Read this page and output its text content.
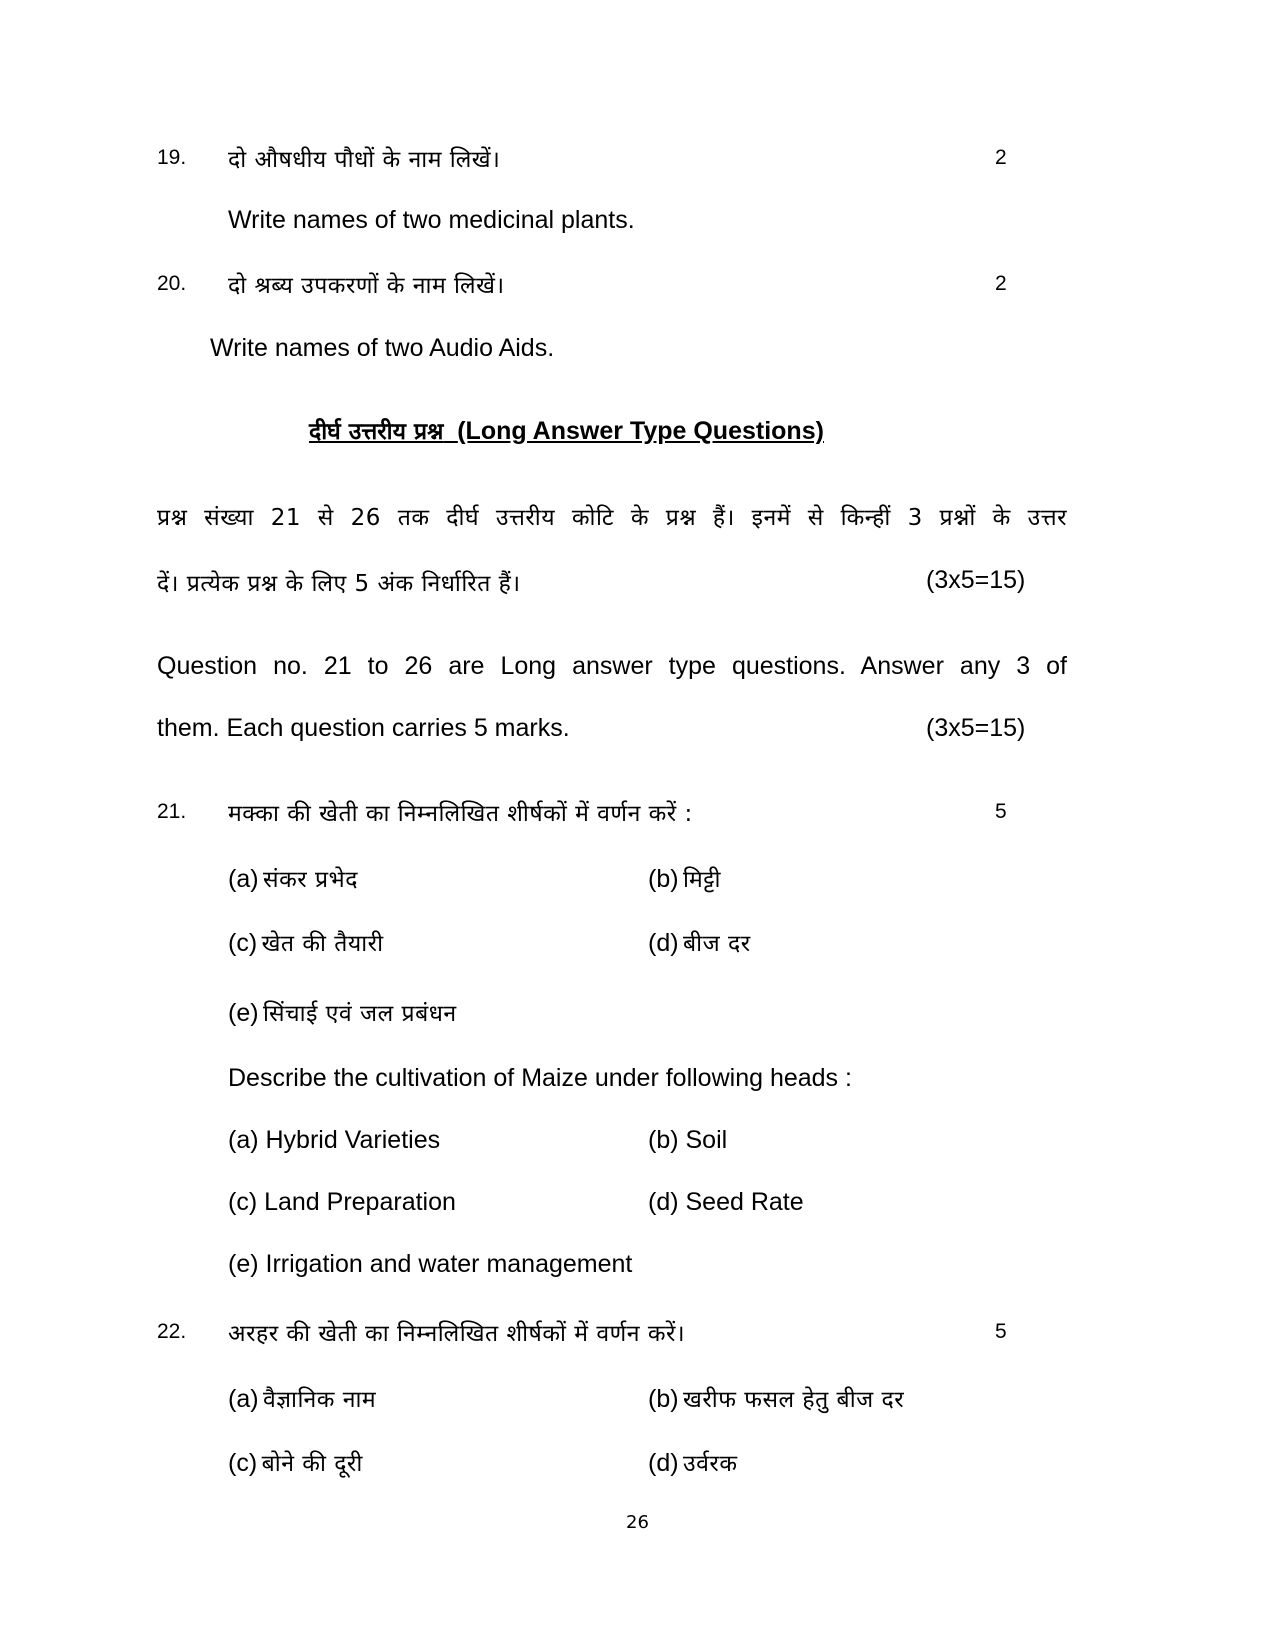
19. दो औषधीय पौधों के नाम लिखें।	2
Write names of two medicinal plants.
20. दो श्रब्य उपकरणों के नाम लिखें।	2
Write names of two Audio Aids.
दीर्घ उत्तरीय प्रश्न (Long Answer Type Questions)
प्रश्न संख्या 21 से 26 तक दीर्घ उत्तरीय कोटि के प्रश्न हैं। इनमें से किन्हीं 3 प्रश्नों के उत्तर
दें। प्रत्येक प्रश्न के लिए 5 अंक निर्धारित हैं।	(3x5=15)
Question no. 21 to 26 are Long answer type questions. Answer any 3 of
them. Each question carries 5 marks.	(3x5=15)
21. मक्का की खेती का निम्नलिखित शीर्षकों में वर्णन करें :	5
(a) संकर प्रभेद	(b) मिट्टी
(c) खेत की तैयारी	(d) बीज दर
(e) सिंचाई एवं जल प्रबंधन
Describe the cultivation of Maize under following heads :
(a) Hybrid Varieties	(b) Soil
(c) Land Preparation	(d) Seed Rate
(e) Irrigation and water management
22. अरहर की खेती का निम्नलिखित शीर्षकों में वर्णन करें।	5
(a) वैज्ञानिक नाम	(b) खरीफ फसल हेतु बीज दर
(c) बोने की दूरी	(d) उर्वरक
26
